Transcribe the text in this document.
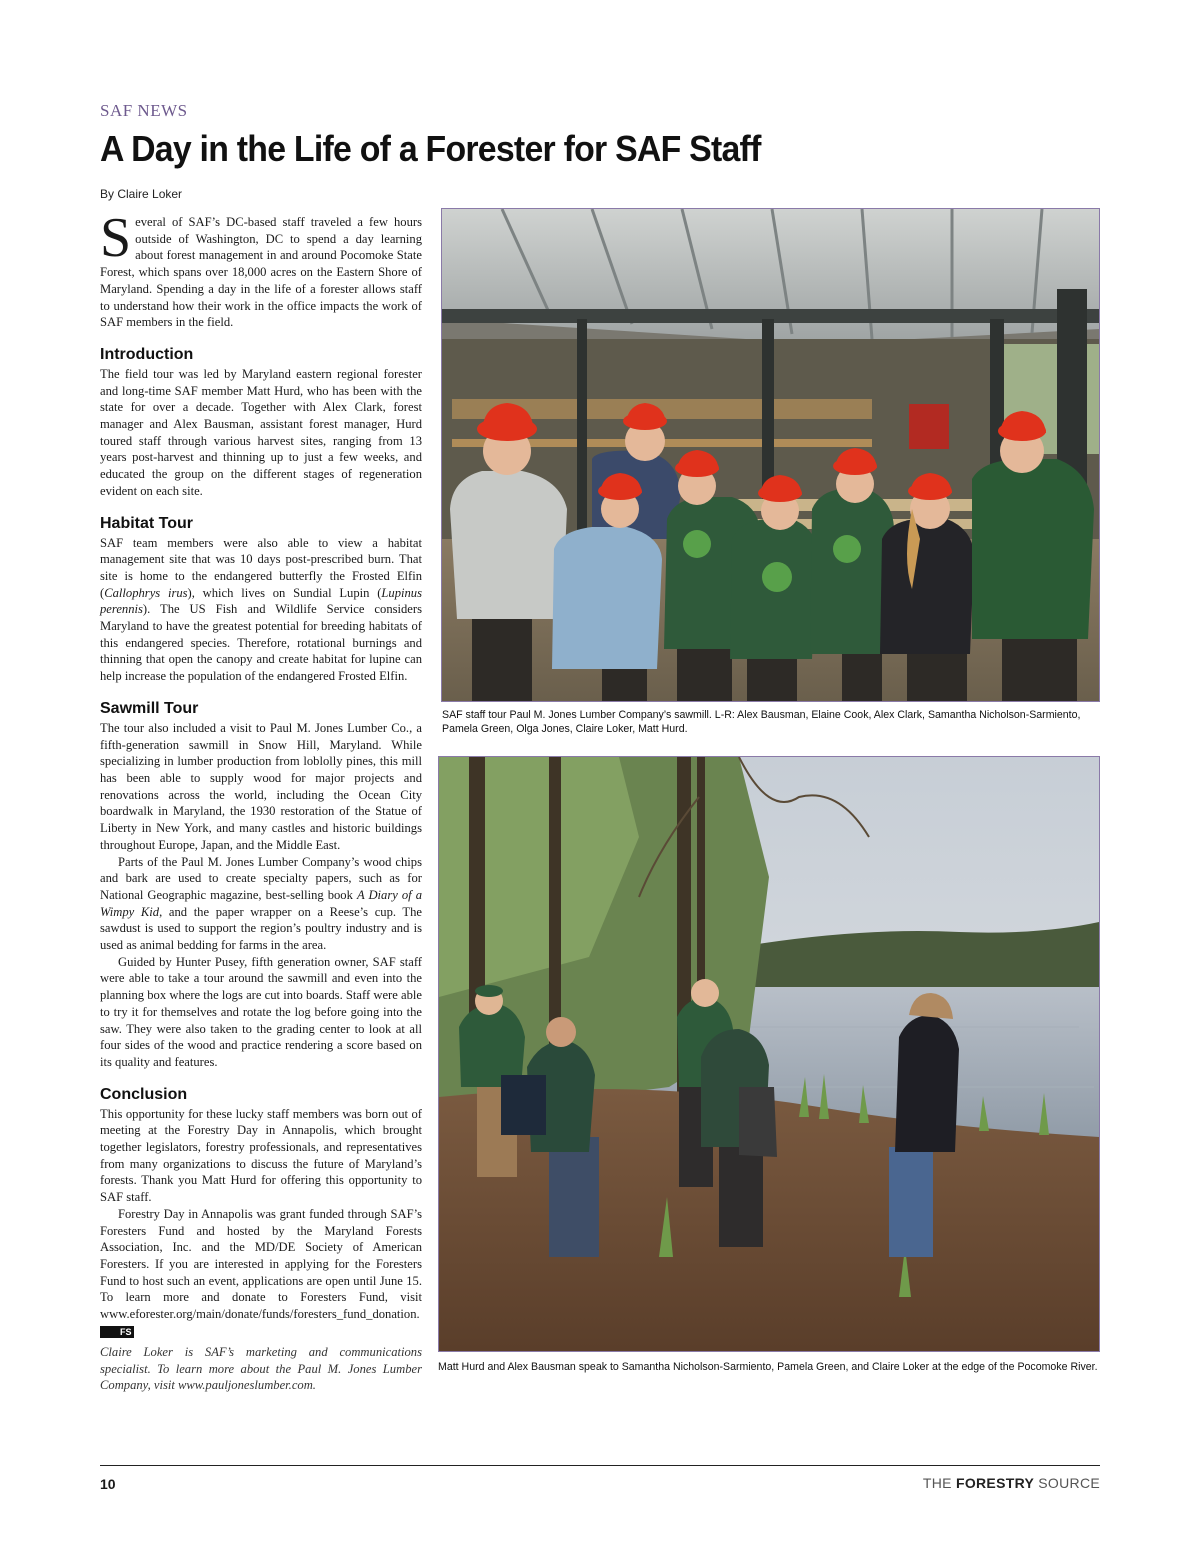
SAF NEWS
A Day in the Life of a Forester for SAF Staff
By Claire Loker

Several of SAF’s DC-based staff traveled a few hours outside of Washington, DC to spend a day learning about forest management in and around Pocomoke State Forest, which spans over 18,000 acres on the Eastern Shore of Maryland. Spending a day in the life of a forester allows staff to understand how their work in the office impacts the work of SAF members in the field.

Introduction

The field tour was led by Maryland eastern regional forester and long-time SAF member Matt Hurd, who has been with the state for over a decade. Together with Alex Clark, forest manager and Alex Bausman, assistant forest manager, Hurd toured staff through various harvest sites, ranging from 13 years post-harvest and thinning up to just a few weeks, and educated the group on the different stages of regeneration evident on each site.

Habitat Tour

SAF team members were also able to view a habitat management site that was 10 days post-prescribed burn. That site is home to the endangered butterfly the Frosted Elfin (Callophrys irus), which lives on Sundial Lupin (Lupinus perennis). The US Fish and Wildlife Service considers Maryland to have the greatest potential for breeding habitats of this endangered species. Therefore, rotational burnings and thinning that open the canopy and create habitat for lupine can help increase the population of the endangered Frosted Elfin.

Sawmill Tour

The tour also included a visit to Paul M. Jones Lumber Co., a fifth-generation sawmill in Snow Hill, Maryland. While specializing in lumber production from loblolly pines, this mill has been able to supply wood for major projects and renovations across the world, including the Ocean City boardwalk in Maryland, the 1930 restoration of the Statue of Liberty in New York, and many castles and historic buildings throughout Europe, Japan, and the Middle East.

Parts of the Paul M. Jones Lumber Company’s wood chips and bark are used to create specialty papers, such as for National Geographic magazine, best-selling book A Diary of a Wimpy Kid, and the paper wrapper on a Reese’s cup. The sawdust is used to support the region’s poultry industry and is used as animal bedding for farms in the area.

Guided by Hunter Pusey, fifth generation owner, SAF staff were able to take a tour around the sawmill and even into the planning box where the logs are cut into boards. Staff were able to try it for themselves and rotate the log before going into the saw. They were also taken to the grading center to look at all four sides of the wood and practice rendering a score based on its quality and features.

Conclusion

This opportunity for these lucky staff members was born out of meeting at the Forestry Day in Annapolis, which brought together legislators, forestry professionals, and representatives from many organizations to discuss the future of Maryland’s forests. Thank you Matt Hurd for offering this opportunity to SAF staff.

Forestry Day in Annapolis was grant funded through SAF’s Foresters Fund and hosted by the Maryland Forests Association, Inc. and the MD/DE Society of American Foresters. If you are interested in applying for the Foresters Fund to host such an event, applications are open until June 15. To learn more and donate to Foresters Fund, visit www.eforester.org/main/donate/funds/foresters_fund_donation. FS

Claire Loker is SAF’s marketing and communications specialist. To learn more about the Paul M. Jones Lumber Company, visit www.pauljoneslumber.com.
SAF staff tour Paul M. Jones Lumber Company’s sawmill. L-R: Alex Bausman, Elaine Cook, Alex Clark, Samantha Nicholson-Sarmiento, Pamela Green, Olga Jones, Claire Loker, Matt Hurd.
Matt Hurd and Alex Bausman speak to Samantha Nicholson-Sarmiento, Pamela Green, and Claire Loker at the edge of the Pocomoke River.
10	THE FORESTRY SOURCE
